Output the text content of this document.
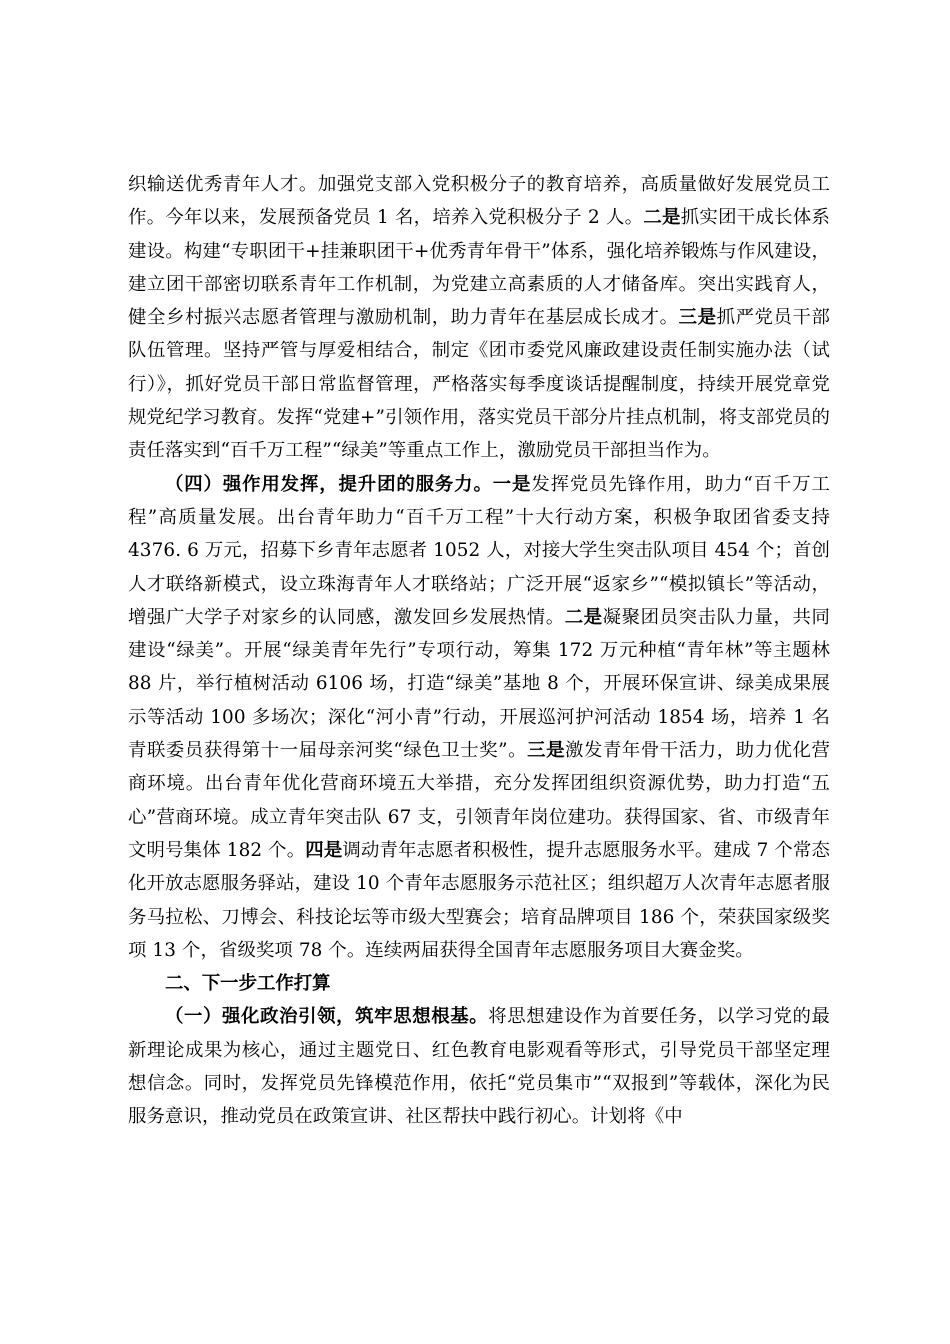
织输送优秀青年人才。加强党支部入党积极分子的教育培养，高质量做好发展党员工作。今年以来，发展预备党员 1 名，培养入党积极分子 2 人。二是抓实团干成长体系建设。构建“专职团干+挂兼职团干+优秀青年骨干”体系，强化培养锻炼与作风建设，建立团干部密切联系青年工作机制，为党建立高素质的人才储备库。突出实践育人，健全乡村振兴志愿者管理与激励机制，助力青年在基层成长成才。三是抓严党员干部队伍管理。坚持严管与厚爱相结合，制定《团市委党风廉政建设责任制实施办法（试行）》，抓好党员干部日常监督管理，严格落实每季度谈话提醒制度，持续开展党章党规党纪学习教育。发挥“党建+”引领作用，落实党员干部分片挂点机制，将支部党员的责任落实到“百千万工程”“绿美”等重点工作上，激励党员干部担当作为。

（四）强作用发挥，提升团的服务力。一是发挥党员先锋作用，助力“百千万工程”高质量发展。出台青年助力“百千万工程”十大行动方案，积极争取团省委支持 4376. 6 万元，招募下乡青年志愿者 1052 人，对接大学生突击队项目 454 个；首创人才联络新模式，设立珠海青年人才联络站；广泛开展“返家乡”“模拟镇长”等活动，增强广大学子对家乡的认同感，激发回乡发展热情。二是凝聚团员突击队力量，共同建设“绿美”。开展“绿美青年先行”专项行动，筹集 172 万元种植“青年林”等主题林 88 片，举行植树活动 6106 场，打造“绿美”基地 8 个，开展环保宣讲、绿美成果展示等活动 100 多场次；深化“河小青”行动，开展巡河护河活动 1854 场，培养 1 名青联委员获得第十一届母亲河奖“绿色卫士奖”。三是激发青年骨干活力，助力优化营商环境。出台青年优化营商环境五大举措，充分发挥团组织资源优势，助力打造“五心”营商环境。成立青年突击队 67 支，引领青年岗位建功。获得国家、省、市级青年文明号集体 182 个。四是调动青年志愿者积极性，提升志愿服务水平。建成 7 个常态化开放志愿服务驿站，建设 10 个青年志愿服务示范社区；组织超万人次青年志愿者服务马拉松、刀博会、科技论坛等市级大型赛会；培育品牌项目 186 个，荣获国家级奖项 13 个，省级奖项 78 个。连续两届获得全国青年志愿服务项目大赛金奖。

二、下一步工作打算

（一）强化政治引领，筑牢思想根基。将思想建设作为首要任务，以学习党的最新理论成果为核心，通过主题党日、红色教育电影观看等形式，引导党员干部坚定理想信念。同时，发挥党员先锋模范作用，依托“党员集市”“双报到”等载体，深化为民服务意识，推动党员在政策宣讲、社区帮扶中践行初心。计划将《中
